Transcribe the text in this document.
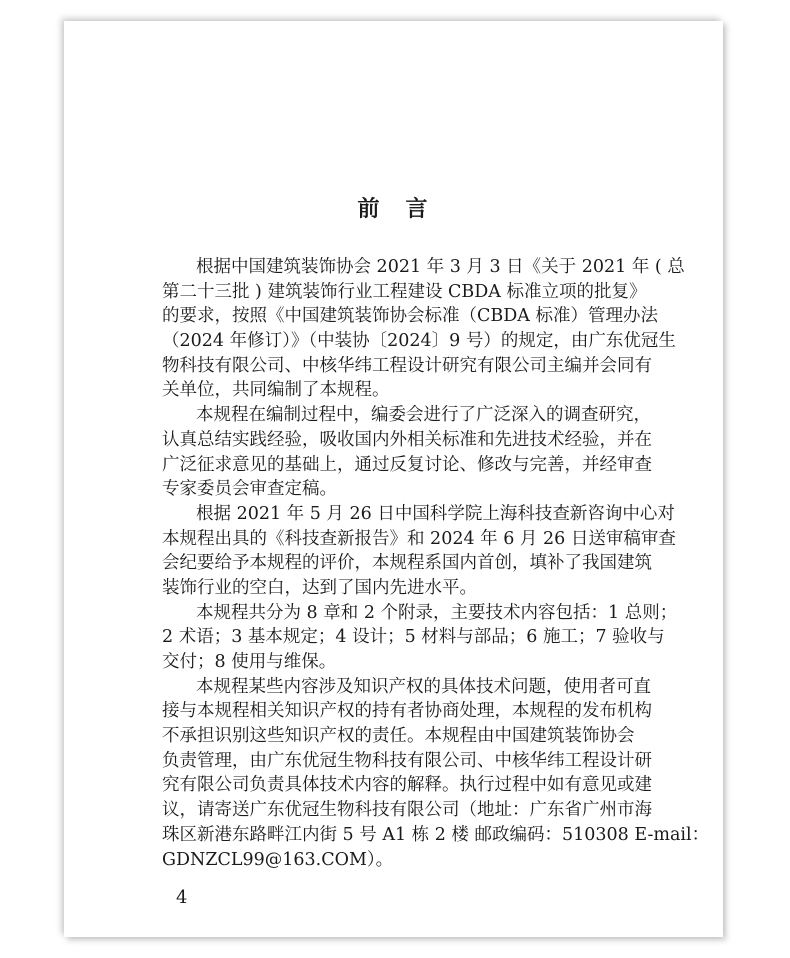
前　言
根据中国建筑装饰协会 2021 年 3 月 3 日《关于 2021 年 ( 总
第二十三批 ) 建筑装饰行业工程建设 CBDA 标准立项的批复》
的要求，按照《中国建筑装饰协会标准（CBDA 标准）管理办法
（2024 年修订）》（中装协〔2024〕9 号）的规定，由广东优冠生
物科技有限公司、中核华纬工程设计研究有限公司主编并会同有
关单位，共同编制了本规程。
本规程在编制过程中，编委会进行了广泛深入的调查研究，
认真总结实践经验，吸收国内外相关标准和先进技术经验，并在
广泛征求意见的基础上，通过反复讨论、修改与完善，并经审查
专家委员会审查定稿。
根据 2021 年 5 月 26 日中国科学院上海科技查新咨询中心对
本规程出具的《科技查新报告》和 2024 年 6 月 26 日送审稿审查
会纪要给予本规程的评价，本规程系国内首创，填补了我国建筑
装饰行业的空白，达到了国内先进水平。
本规程共分为 8 章和 2 个附录，主要技术内容包括：1 总则；
2 术语；3 基本规定；4 设计；5 材料与部品；6 施工；7 验收与
交付；8 使用与维保。
本规程某些内容涉及知识产权的具体技术问题，使用者可直
接与本规程相关知识产权的持有者协商处理，本规程的发布机构
不承担识别这些知识产权的责任。本规程由中国建筑装饰协会
负责管理，由广东优冠生物科技有限公司、中核华纬工程设计研
究有限公司负责具体技术内容的解释。执行过程中如有意见或建
议，请寄送广东优冠生物科技有限公司（地址：广东省广州市海
珠区新港东路畔江内街 5 号 A1 栋 2 楼 邮政编码：510308 E-mail：
GDNZCL99@163.COM）。
4
